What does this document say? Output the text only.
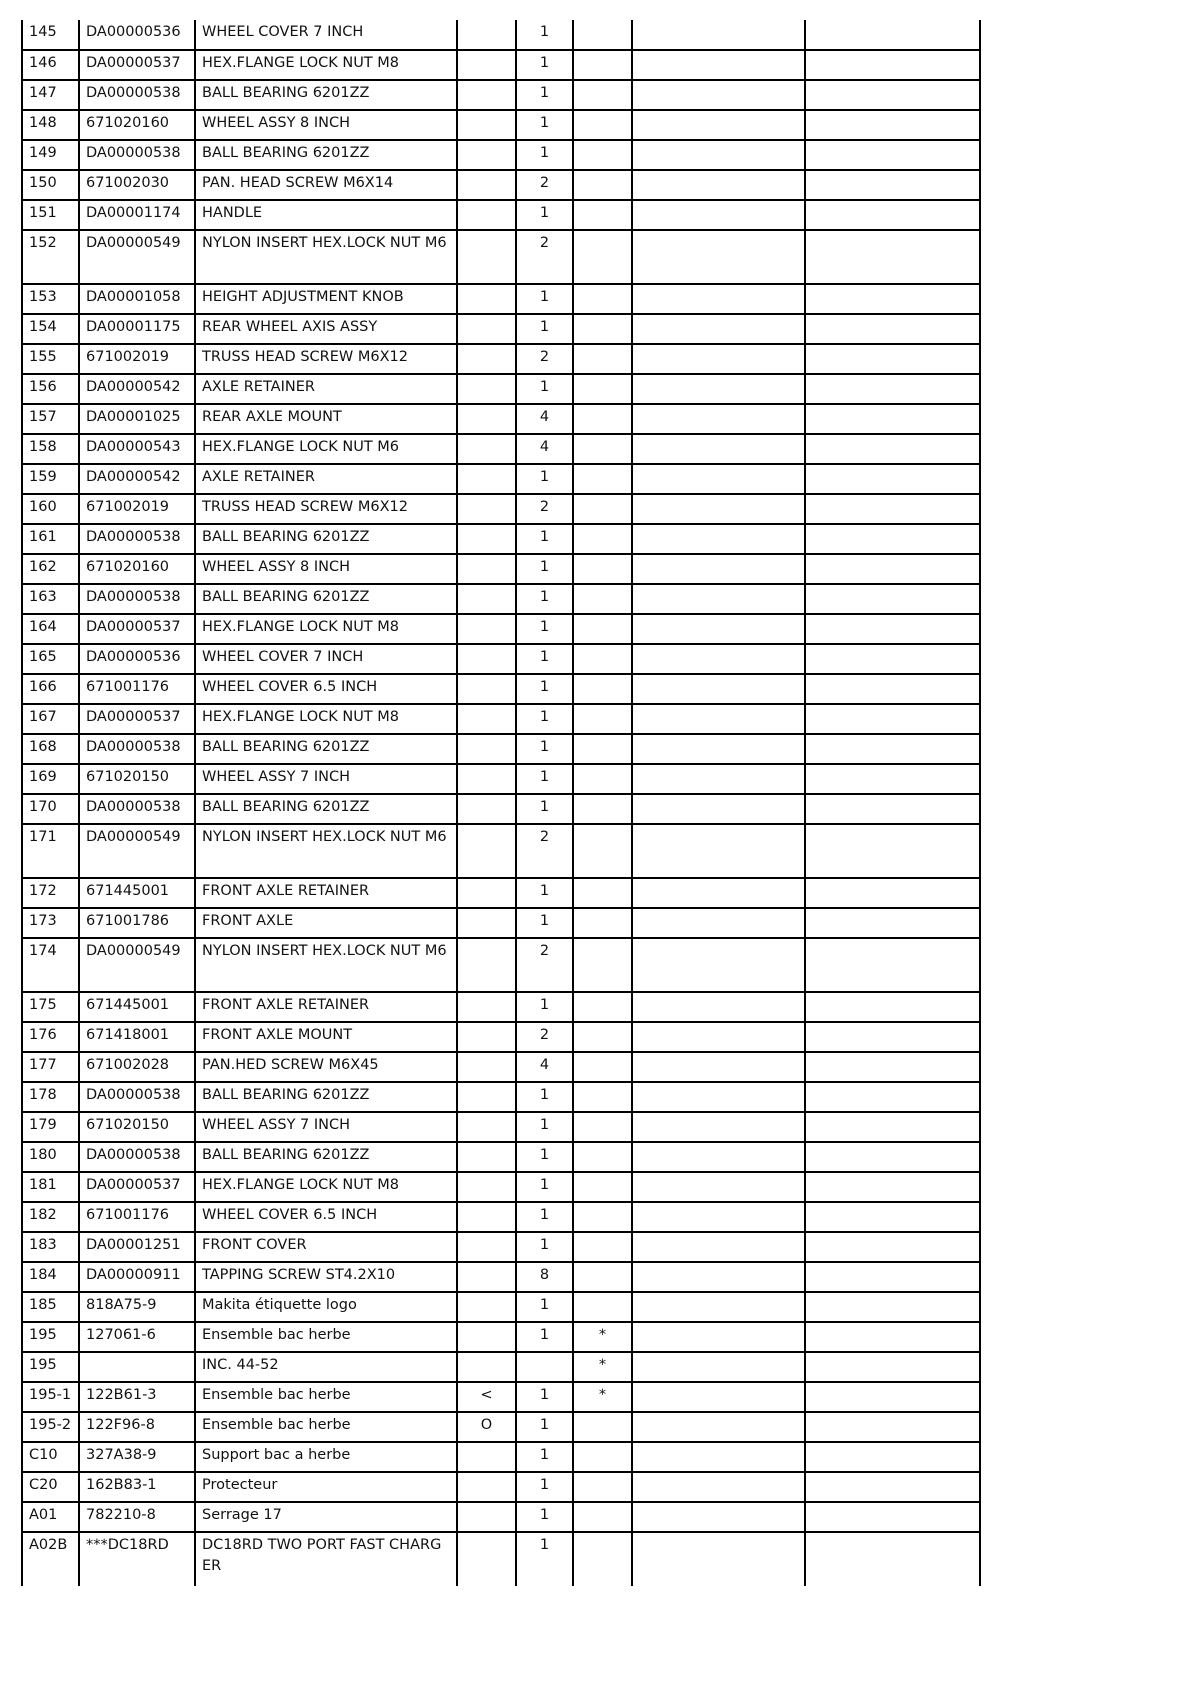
145	DA00000536	WHEEL COVER 7 INCH		1			
146	DA00000537	HEX.FLANGE LOCK NUT M8		1			
147	DA00000538	BALL BEARING 6201ZZ		1			
148	671020160	WHEEL ASSY 8 INCH		1			
149	DA00000538	BALL BEARING 6201ZZ		1			
150	671002030	PAN. HEAD SCREW M6X14		2			
151	DA00001174	HANDLE		1			
152	DA00000549	NYLON INSERT HEX.LOCK NUT M6		2			
153	DA00001058	HEIGHT ADJUSTMENT KNOB		1			
154	DA00001175	REAR WHEEL AXIS ASSY		1			
155	671002019	TRUSS HEAD SCREW M6X12		2			
156	DA00000542	AXLE RETAINER		1			
157	DA00001025	REAR AXLE MOUNT		4			
158	DA00000543	HEX.FLANGE LOCK NUT M6		4			
159	DA00000542	AXLE RETAINER		1			
160	671002019	TRUSS HEAD SCREW M6X12		2			
161	DA00000538	BALL BEARING 6201ZZ		1			
162	671020160	WHEEL ASSY 8 INCH		1			
163	DA00000538	BALL BEARING 6201ZZ		1			
164	DA00000537	HEX.FLANGE LOCK NUT M8		1			
165	DA00000536	WHEEL COVER 7 INCH		1			
166	671001176	WHEEL COVER 6.5 INCH		1			
167	DA00000537	HEX.FLANGE LOCK NUT M8		1			
168	DA00000538	BALL BEARING 6201ZZ		1			
169	671020150	WHEEL ASSY 7 INCH		1			
170	DA00000538	BALL BEARING 6201ZZ		1			
171	DA00000549	NYLON INSERT HEX.LOCK NUT M6		2			
172	671445001	FRONT AXLE RETAINER		1			
173	671001786	FRONT AXLE		1			
174	DA00000549	NYLON INSERT HEX.LOCK NUT M6		2			
175	671445001	FRONT AXLE RETAINER		1			
176	671418001	FRONT AXLE MOUNT		2			
177	671002028	PAN.HED SCREW M6X45		4			
178	DA00000538	BALL BEARING 6201ZZ		1			
179	671020150	WHEEL ASSY 7 INCH		1			
180	DA00000538	BALL BEARING 6201ZZ		1			
181	DA00000537	HEX.FLANGE LOCK NUT M8		1			
182	671001176	WHEEL COVER 6.5 INCH		1			
183	DA00001251	FRONT COVER		1			
184	DA00000911	TAPPING SCREW ST4.2X10		8			
185	818A75-9	Makita étiquette logo		1			
195	127061-6	Ensemble bac herbe		1	*		
195		INC. 44-52			*		
195-1	122B61-3	Ensemble bac herbe	<	1	*		
195-2	122F96-8	Ensemble bac herbe	O	1			
C10	327A38-9	Support bac a herbe		1			
C20	162B83-1	Protecteur		1			
A01	782210-8	Serrage 17		1			
A02B	***DC18RD	DC18RD TWO PORT FAST CHARGER		1			
